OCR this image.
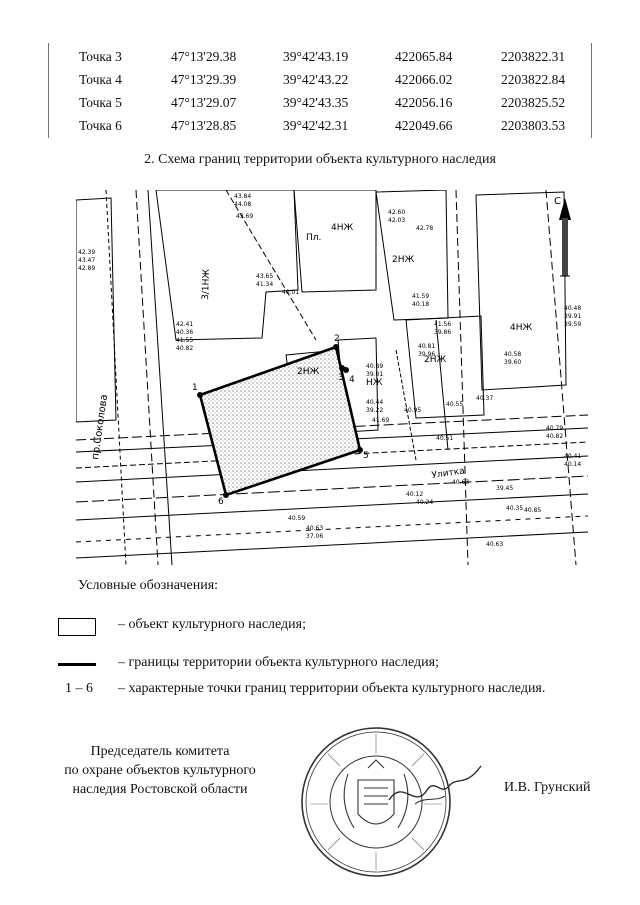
Точка 3	47°13'29.38	39°42'43.19	422065.84	2203822.31
Точка 4	47°13'29.39	39°42'43.22	422066.02	2203822.84
Точка 5	47°13'29.07	39°42'43.35	422056.16	2203825.52
Точка 6	47°13'28.85	39°42'42.31	422049.66	2203803.53
2. Схема границ территории объекта культурного наследия
1
2
3 4
5
6
С
пр.Соколова
Улитка
Пл.
4НЖ
2НЖ
3/1НЖ
4НЖ
2НЖ
2НЖ
НЖ
43.84
44.08
43.69
43.65
41.34
40.01
42.60
42.03
42.78
41.59
40.18
41.56
39.86
40.81
39.96	40.58
39.60
40.48
39.91
39.59
40.89
39.01
40.44
39.22
41.69
40.95
40.55
40.37
40.51
40.12
40.24
40.63
39.45
40.35 40.85
40.63
42.41
40.36
41.55
40.82
42.39
43.47
42.89
40.59
40.63
37.06
40.41
40.14
40.79
40.82
Условные обозначения:
– объект культурного наследия;
– границы территории объекта культурного наследия;
1 – 6 – характерные точки границ территории объекта культурного наследия.
Председатель комитета
по охране объектов культурного
наследия Ростовской области	И.В. Грунский
